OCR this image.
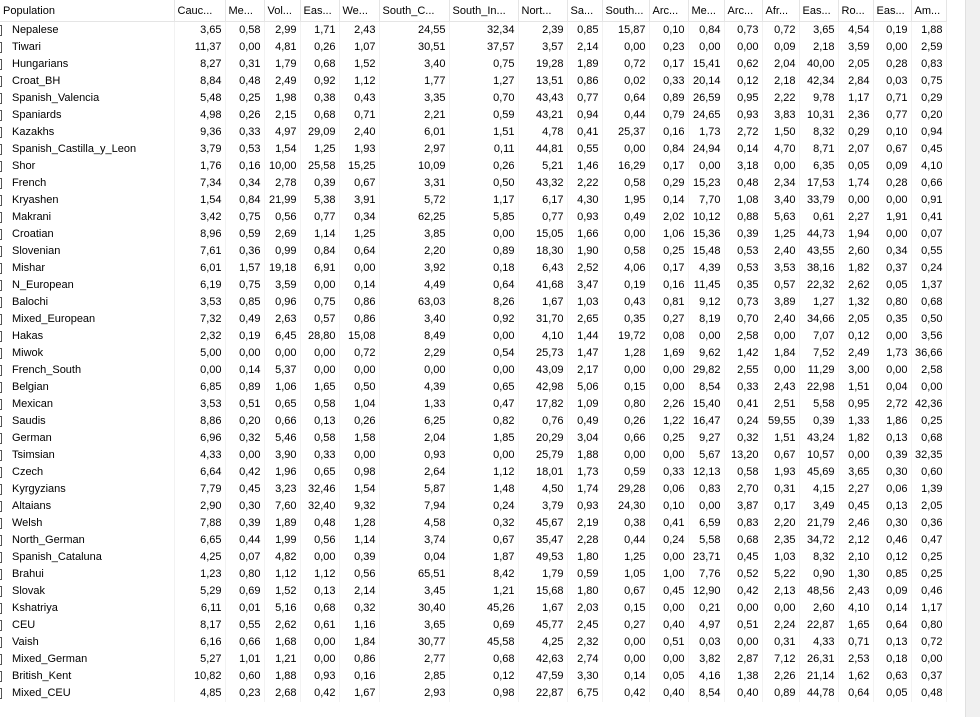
Population	Cauc...	Me...	Vol...	Eas...	We...	South_C...	South_In...	Nort...	Sa...	South...	Arc...	Me...	Arc...	Afr...	Eas...	Ro...	Eas...	Am...
Nepalese	3,65	0,58	2,99	1,71	2,43	24,55	32,34	2,39	0,85	15,87	0,10	0,84	0,73	0,72	3,65	4,54	0,19	1,88
Tiwari	11,37	0,00	4,81	0,26	1,07	30,51	37,57	3,57	2,14	0,00	0,23	0,00	0,00	0,09	2,18	3,59	0,00	2,59
Hungarians	8,27	0,31	1,79	0,68	1,52	3,40	0,75	19,28	1,89	0,72	0,17	15,41	0,62	2,04	40,00	2,05	0,28	0,83
Croat_BH	8,84	0,48	2,49	0,92	1,12	1,77	1,27	13,51	0,86	0,02	0,33	20,14	0,12	2,18	42,34	2,84	0,03	0,75
Spanish_Valencia	5,48	0,25	1,98	0,38	0,43	3,35	0,70	43,43	0,77	0,64	0,89	26,59	0,95	2,22	9,78	1,17	0,71	0,29
Spaniards	4,98	0,26	2,15	0,68	0,71	2,21	0,59	43,21	0,94	0,44	0,79	24,65	0,93	3,83	10,31	2,36	0,77	0,20
Kazakhs	9,36	0,33	4,97	29,09	2,40	6,01	1,51	4,78	0,41	25,37	0,16	1,73	2,72	1,50	8,32	0,29	0,10	0,94
Spanish_Castilla_y_Leon	3,79	0,53	1,54	1,25	1,93	2,97	0,11	44,81	0,55	0,00	0,84	24,94	0,14	4,70	8,71	2,07	0,67	0,45
Shor	1,76	0,16	10,00	25,58	15,25	10,09	0,26	5,21	1,46	16,29	0,17	0,00	3,18	0,00	6,35	0,05	0,09	4,10
French	7,34	0,34	2,78	0,39	0,67	3,31	0,50	43,32	2,22	0,58	0,29	15,23	0,48	2,34	17,53	1,74	0,28	0,66
Kryashen	1,54	0,84	21,99	5,38	3,91	5,72	1,17	6,17	4,30	1,95	0,14	7,70	1,08	3,40	33,79	0,00	0,00	0,91
Makrani	3,42	0,75	0,56	0,77	0,34	62,25	5,85	0,77	0,93	0,49	2,02	10,12	0,88	5,63	0,61	2,27	1,91	0,41
Croatian	8,96	0,59	2,69	1,14	1,25	3,85	0,00	15,05	1,66	0,00	1,06	15,36	0,39	1,25	44,73	1,94	0,00	0,07
Slovenian	7,61	0,36	0,99	0,84	0,64	2,20	0,89	18,30	1,90	0,58	0,25	15,48	0,53	2,40	43,55	2,60	0,34	0,55
Mishar	6,01	1,57	19,18	6,91	0,00	3,92	0,18	6,43	2,52	4,06	0,17	4,39	0,53	3,53	38,16	1,82	0,37	0,24
N_European	6,19	0,75	3,59	0,00	0,14	4,49	0,64	41,68	3,47	0,19	0,16	11,45	0,35	0,57	22,32	2,62	0,05	1,37
Balochi	3,53	0,85	0,96	0,75	0,86	63,03	8,26	1,67	1,03	0,43	0,81	9,12	0,73	3,89	1,27	1,32	0,80	0,68
Mixed_European	7,32	0,49	2,63	0,57	0,86	3,40	0,92	31,70	2,65	0,35	0,27	8,19	0,70	2,40	34,66	2,05	0,35	0,50
Hakas	2,32	0,19	6,45	28,80	15,08	8,49	0,00	4,10	1,44	19,72	0,08	0,00	2,58	0,00	7,07	0,12	0,00	3,56
Miwok	5,00	0,00	0,00	0,00	0,72	2,29	0,54	25,73	1,47	1,28	1,69	9,62	1,42	1,84	7,52	2,49	1,73	36,66
French_South	0,00	0,14	5,37	0,00	0,00	0,00	0,00	43,09	2,17	0,00	0,00	29,82	2,55	0,00	11,29	3,00	0,00	2,58
Belgian	6,85	0,89	1,06	1,65	0,50	4,39	0,65	42,98	5,06	0,15	0,00	8,54	0,33	2,43	22,98	1,51	0,04	0,00
Mexican	3,53	0,51	0,65	0,58	1,04	1,33	0,47	17,82	1,09	0,80	2,26	15,40	0,41	2,51	5,58	0,95	2,72	42,36
Saudis	8,86	0,20	0,66	0,13	0,26	6,25	0,82	0,76	0,49	0,26	1,22	16,47	0,24	59,55	0,39	1,33	1,86	0,25
German	6,96	0,32	5,46	0,58	1,58	2,04	1,85	20,29	3,04	0,66	0,25	9,27	0,32	1,51	43,24	1,82	0,13	0,68
Tsimsian	4,33	0,00	3,90	0,33	0,00	0,93	0,00	25,79	1,88	0,00	0,00	5,67	13,20	0,67	10,57	0,00	0,39	32,35
Czech	6,64	0,42	1,96	0,65	0,98	2,64	1,12	18,01	1,73	0,59	0,33	12,13	0,58	1,93	45,69	3,65	0,30	0,60
Kyrgyzians	7,79	0,45	3,23	32,46	1,54	5,87	1,48	4,50	1,74	29,28	0,06	0,83	2,70	0,31	4,15	2,27	0,06	1,39
Altaians	2,90	0,30	7,60	32,40	9,32	7,94	0,24	3,79	0,93	24,30	0,10	0,00	3,87	0,17	3,49	0,45	0,13	2,05
Welsh	7,88	0,39	1,89	0,48	1,28	4,58	0,32	45,67	2,19	0,38	0,41	6,59	0,83	2,20	21,79	2,46	0,30	0,36
North_German	6,65	0,44	1,99	0,56	1,14	3,74	0,67	35,47	2,28	0,44	0,24	5,58	0,68	2,35	34,72	2,12	0,46	0,47
Spanish_Cataluna	4,25	0,07	4,82	0,00	0,39	0,04	1,87	49,53	1,80	1,25	0,00	23,71	0,45	1,03	8,32	2,10	0,12	0,25
Brahui	1,23	0,80	1,12	1,12	0,56	65,51	8,42	1,79	0,59	1,05	1,00	7,76	0,52	5,22	0,90	1,30	0,85	0,25
Slovak	5,29	0,69	1,52	0,13	2,14	3,45	1,21	15,68	1,80	0,67	0,45	12,90	0,42	2,13	48,56	2,43	0,09	0,46
Kshatriya	6,11	0,01	5,16	0,68	0,32	30,40	45,26	1,67	2,03	0,15	0,00	0,21	0,00	0,00	2,60	4,10	0,14	1,17
CEU	8,17	0,55	2,62	0,61	1,16	3,65	0,69	45,77	2,45	0,27	0,40	4,97	0,51	2,24	22,87	1,65	0,64	0,80
Vaish	6,16	0,66	1,68	0,00	1,84	30,77	45,58	4,25	2,32	0,00	0,51	0,03	0,00	0,31	4,33	0,71	0,13	0,72
Mixed_German	5,27	1,01	1,21	0,00	0,86	2,77	0,68	42,63	2,74	0,00	0,00	3,82	2,87	7,12	26,31	2,53	0,18	0,00
British_Kent	10,82	0,60	1,88	0,93	0,16	2,85	0,12	47,59	3,30	0,14	0,05	4,16	1,38	2,26	21,14	1,62	0,63	0,37
Mixed_CEU	4,85	0,23	2,68	0,42	1,67	2,93	0,98	22,87	6,75	0,42	0,40	8,54	0,40	0,89	44,78	0,64	0,05	0,48
